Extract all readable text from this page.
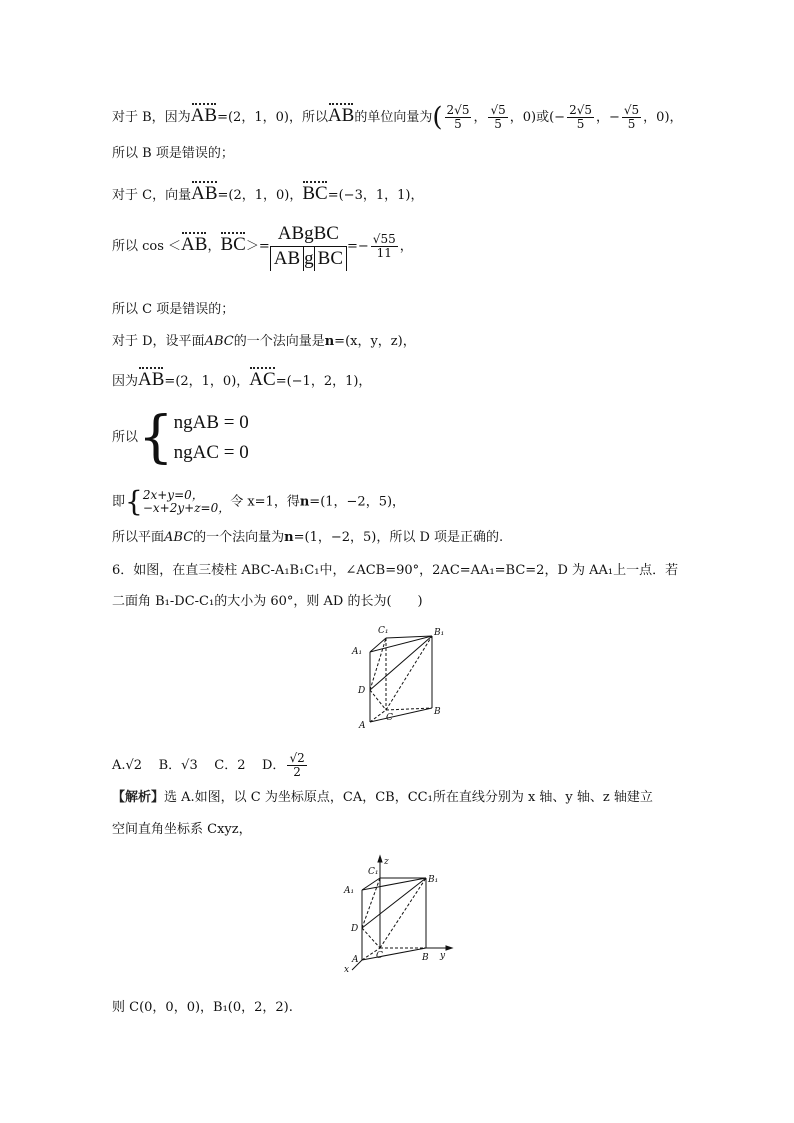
对于 B，因为AB=(2，1，0)，所以AB的单位向量为( $\frac{2√5}{5}$ ， $\frac{√5}{5}$ ，0)或(− $\frac{2√5}{5}$ ，− $\frac{√5}{5}$ ，0)，
所以 B 项是错误的；
对于 C，向量AB=(2，1，0)，BC=(−3，1，1)，
所以 cos ＜AB，$BC>= \frac{\text{ABgBC}}{\text{AB g BC}}=- \frac{√55}{11}$ ，
所以 C 项是错误的；
对于 D，设平面ABC的一个法向量是n=(x，y，z)，
因为AB=(2，1，0)，AC=(−1，2，1)，
所以{ ngAB = 0
ngAC = 0
即{ 2x+y=0，
−x+2y+z=0， 令 x=1，得n=(1，−2，5)，
所以平面ABC的一个法向量为n=(1，−2，5)，所以 D 项是正确的.
6．如图，在直三棱柱 ABC-A₁B₁C₁中，∠ACB=90°，2AC=AA₁=BC=2，D 为 AA₁上一点．若
二面角 B₁-DC-C₁的大小为 60°，则 AD 的长为(　　)
C₁	B₁
A₁
D
C
B
A
A.√2 B．√3 C．2 D． $\frac{√2}{2}$
【解析】选 A.如图，以 C 为坐标原点，CA，CB，CC₁所在直线分别为 x 轴、y 轴、z 轴建立
空间直角坐标系 Cxyz，
z
C₁
B₁
A₁
D
C	B y
A
x
则 C(0，0，0)，B₁(0，2，2).
